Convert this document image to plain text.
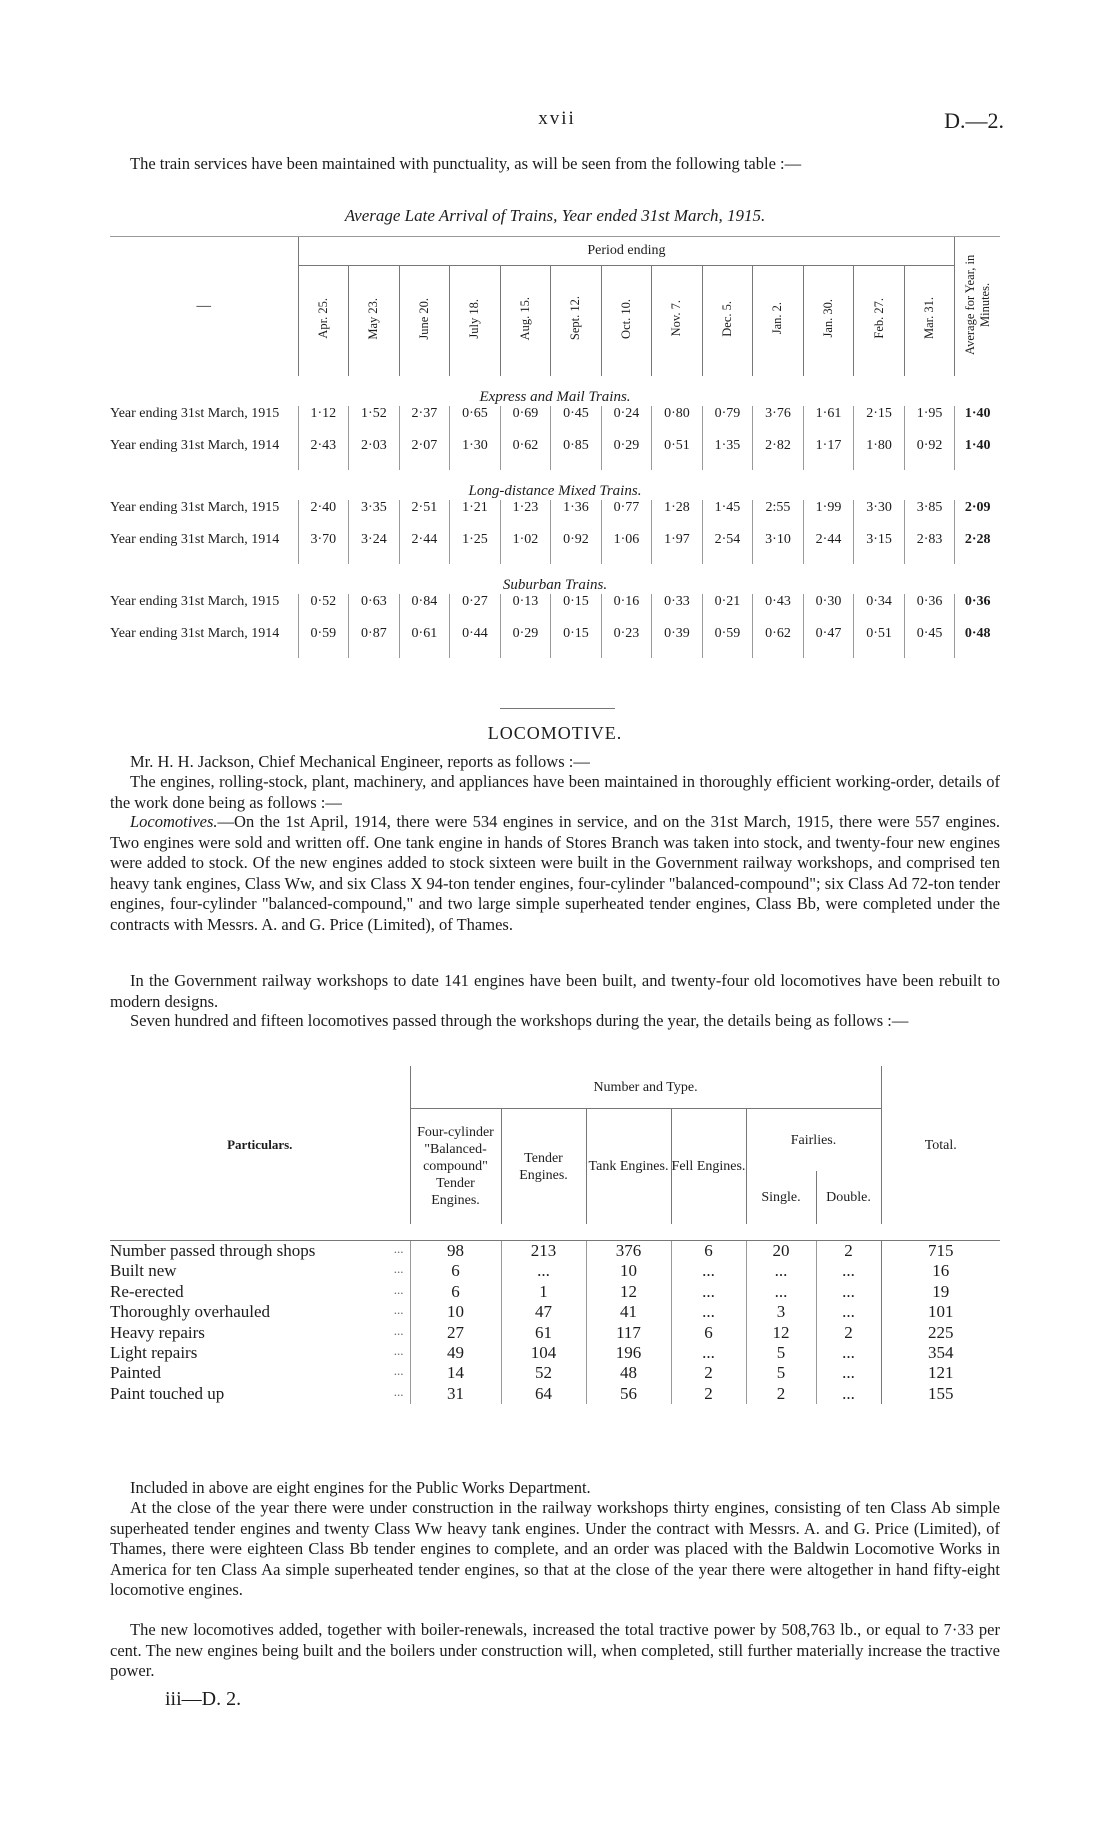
xvii	D.—2.
The train services have been maintained with punctuality, as will be seen from the following table :—
Average Late Arrival of Trains, Year ended 31st March, 1915.
—	Period ending													Average for Year, in Minutes.
	Apr. 25.	May 23.	June 20.	July 18.	Aug. 15.	Sept. 12.	Oct. 10.	Nov. 7.	Dec. 5.	Jan. 2.	Jan. 30.	Feb. 27.	Mar. 31.	
Express and Mail Trains.														
Year ending 31st March, 1915	1·12	1·52	2·37	0·65	0·69	0·45	0·24	0·80	0·79	3·76	1·61	2·15	1·95	1·40
Year ending 31st March, 1914	2·43	2·03	2·07	1·30	0·62	0·85	0·29	0·51	1·35	2·82	1·17	1·80	0·92	1·40
Long-distance Mixed Trains.														
Year ending 31st March, 1915	2·40	3·35	2·51	1·21	1·23	1·36	0·77	1·28	1·45	2:55	1·99	3·30	3·85	2·09
Year ending 31st March, 1914	3·70	3·24	2·44	1·25	1·02	0·92	1·06	1·97	2·54	3·10	2·44	3·15	2·83	2·28
Suburban Trains.														
Year ending 31st March, 1915	0·52	0·63	0·84	0·27	0·13	0·15	0·16	0·33	0·21	0·43	0·30	0·34	0·36	0·36
Year ending 31st March, 1914	0·59	0·87	0·61	0·44	0·29	0·15	0·23	0·39	0·59	0·62	0·47	0·51	0·45	0·48
LOCOMOTIVE.
Mr. H. H. Jackson, Chief Mechanical Engineer, reports as follows :—
The engines, rolling-stock, plant, machinery, and appliances have been maintained in thoroughly efficient working-order, details of the work done being as follows :—
Locomotives.—On the 1st April, 1914, there were 534 engines in service, and on the 31st March, 1915, there were 557 engines. Two engines were sold and written off. One tank engine in hands of Stores Branch was taken into stock, and twenty-four new engines were added to stock. Of the new engines added to stock sixteen were built in the Government railway workshops, and comprised ten heavy tank engines, Class Ww, and six Class X 94-ton tender engines, four-cylinder "balanced-compound"; six Class Ad 72-ton tender engines, four-cylinder "balanced-compound," and two large simple superheated tender engines, Class Bb, were completed under the contracts with Messrs. A. and G. Price (Limited), of Thames.
In the Government railway workshops to date 141 engines have been built, and twenty-four old locomotives have been rebuilt to modern designs.
Seven hundred and fifteen locomotives passed through the workshops during the year, the details being as follows :—
Particulars.		Number and Type.						Total.
		Four-cylinder "Balanced-compound" Tender Engines.	Tender Engines.	Tank Engines.	Fell Engines.	Fairlies.		
						Single.	Double.	

Number passed through shops	...	98	213	376	6	20	2	715
Built new	...	6	...	10	...	...	...	16
Re-erected	...	6	1	12	...	...	...	19
Thoroughly overhauled	...	10	47	41	...	3	...	101
Heavy repairs	...	27	61	117	6	12	2	225
Light repairs	...	49	104	196	...	5	...	354
Painted	...	14	52	48	2	5	...	121
Paint touched up	...	31	64	56	2	2	...	155
Included in above are eight engines for the Public Works Department.
At the close of the year there were under construction in the railway workshops thirty engines, consisting of ten Class Ab simple superheated tender engines and twenty Class Ww heavy tank engines. Under the contract with Messrs. A. and G. Price (Limited), of Thames, there were eighteen Class Bb tender engines to complete, and an order was placed with the Baldwin Locomotive Works in America for ten Class Aa simple superheated tender engines, so that at the close of the year there were altogether in hand fifty-eight locomotive engines.
The new locomotives added, together with boiler-renewals, increased the total tractive power by 508,763 lb., or equal to 7·33 per cent. The new engines being built and the boilers under construction will, when completed, still further materially increase the tractive power.
iii—D. 2.
